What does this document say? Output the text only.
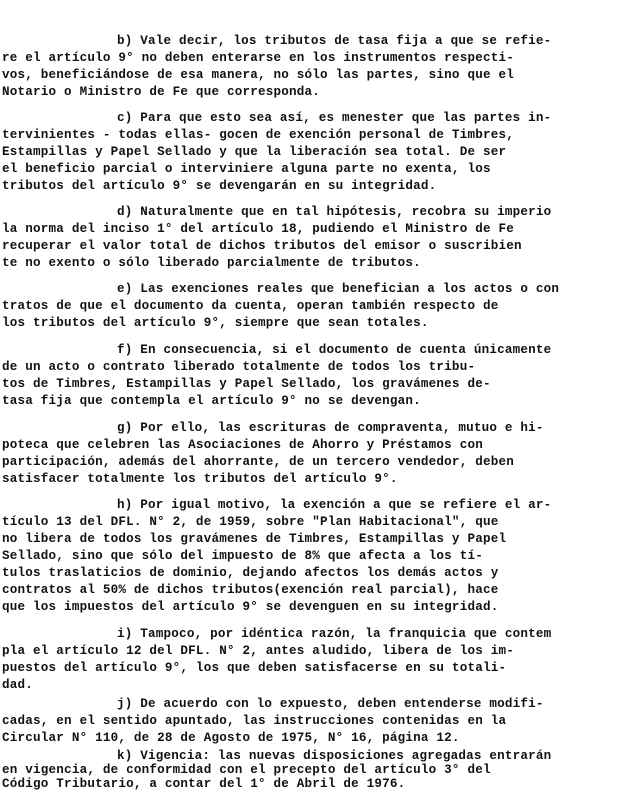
b) Vale decir, los tributos de tasa fija a que se refie-
re el artículo 9° no deben enterarse en los instrumentos respecti-
vos, beneficiándose de esa manera, no sólo las partes, sino que el
Notario o Ministro de Fe que corresponda.
c) Para que esto sea así, es menester que las partes in-
tervinientes - todas ellas- gocen de exención personal de Timbres,
Estampillas y Papel Sellado y que la liberación sea total. De ser
el beneficio parcial o interviniere alguna parte no exenta, los
tributos del artículo 9° se devengarán en su integridad.
d) Naturalmente que en tal hipótesis, recobra su imperio
la norma del inciso 1° del artículo 18, pudiendo el Ministro de Fe
recuperar el valor total de dichos tributos del emisor o suscribien
te no exento o sólo liberado parcialmente de tributos.
e) Las exenciones reales que benefician a los actos o con
tratos de que el documento da cuenta, operan también respecto de
los tributos del artículo 9°, siempre que sean totales.
f) En consecuencia, si el documento de cuenta únicamente
de un acto o contrato liberado totalmente de todos los tribu-
tos de Timbres, Estampillas y Papel Sellado, los gravámenes de-
tasa fija que contempla el artículo 9° no se devengan.
g) Por ello, las escrituras de compraventa, mutuo e hi-
poteca que celebren las Asociaciones de Ahorro y Préstamos con
participación, además del ahorrante, de un tercero vendedor, deben
satisfacer totalmente los tributos del artículo 9°.
h) Por igual motivo, la exención a que se refiere el ar-
tículo 13 del DFL. N° 2, de 1959, sobre "Plan Habitacional", que
no libera de todos los gravámenes de Timbres, Estampillas y Papel
Sellado, sino que sólo del impuesto de 8% que afecta a los tí-
tulos traslaticios de dominio, dejando afectos los demás actos y
contratos al 50% de dichos tributos(exención real parcial), hace
que los impuestos del artículo 9° se devenguen en su integridad.
i) Tampoco, por idéntica razón, la franquicia que contem
pla el artículo 12 del DFL. N° 2, antes aludido, libera de los im-
puestos del artículo 9°, los que deben satisfacerse en su totali-
dad.
j) De acuerdo con lo expuesto, deben entenderse modifi-
cadas, en el sentido apuntado, las instrucciones contenidas en la
Circular N° 110, de 28 de Agosto de 1975, N° 16, página 12.
k) Vigencia: las nuevas disposiciones agregadas entrarán
en vigencia, de conformidad con el precepto del artículo 3° del
Código Tributario, a contar del 1° de Abril de 1976.
